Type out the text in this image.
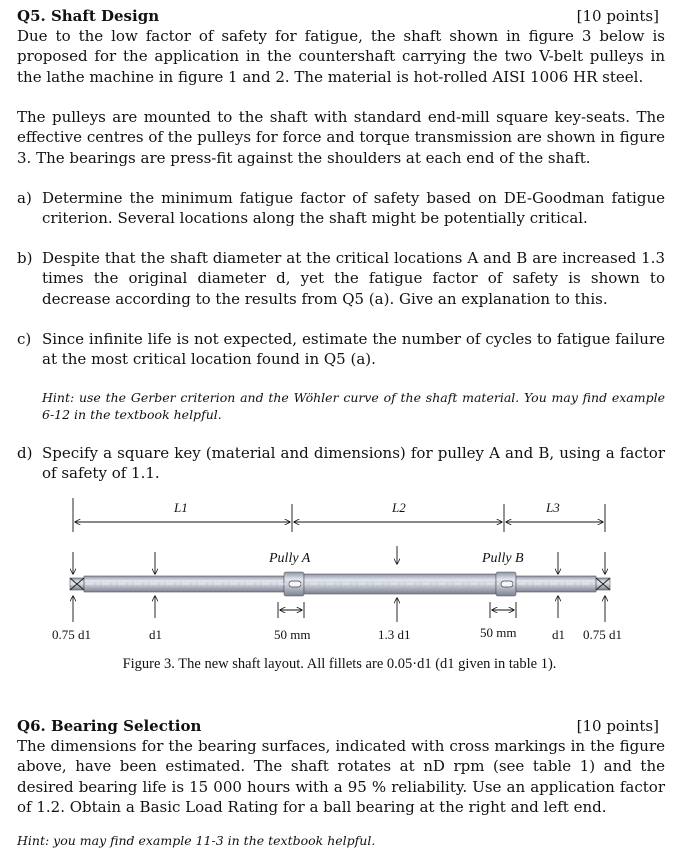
Q5. Shaft Design	[10 points]

Due to the low factor of safety for fatigue, the shaft shown in figure 3 below is proposed for the application in the countershaft carrying the two V-belt pulleys in the lathe machine in figure 1 and 2. The material is hot-rolled AISI 1006 HR steel.

The pulleys are mounted to the shaft with standard end-mill square key-seats. The effective centres of the pulleys for force and torque transmission are shown in figure 3. The bearings are press-fit against the shoulders at each end of the shaft.

a) Determine the minimum fatigue factor of safety based on DE-Goodman fatigue criterion. Several locations along the shaft might be potentially critical.
b) Despite that the shaft diameter at the critical locations A and B are increased 1.3 times the original diameter d, yet the fatigue factor of safety is shown to decrease according to the results from Q5 (a). Give an explanation to this.
c) Since infinite life is not expected, estimate the number of cycles to fatigue failure at the most critical location found in Q5 (a).
Hint: use the Gerber criterion and the Wöhler curve of the shaft material. You may find example 6-12 in the textbook helpful.
d) Specify a square key (material and dimensions) for pulley A and B, using a factor of safety of 1.1.
L1	L2	L3
Pully A	Pully B
0.75 d1	d1	50 mm	1.3 d1	50 mm	d1 0.75 d1
Figure 3. The new shaft layout. All fillets are 0.05·d1 (d1 given in table 1).
Q6. Bearing Selection	[10 points]

The dimensions for the bearing surfaces, indicated with cross markings in the figure above, have been estimated. The shaft rotates at nD rpm (see table 1) and the desired bearing life is 15 000 hours with a 95 % reliability. Use an application factor of 1.2. Obtain a Basic Load Rating for a ball bearing at the right and left end.

Hint: you may find example 11-3 in the textbook helpful.
